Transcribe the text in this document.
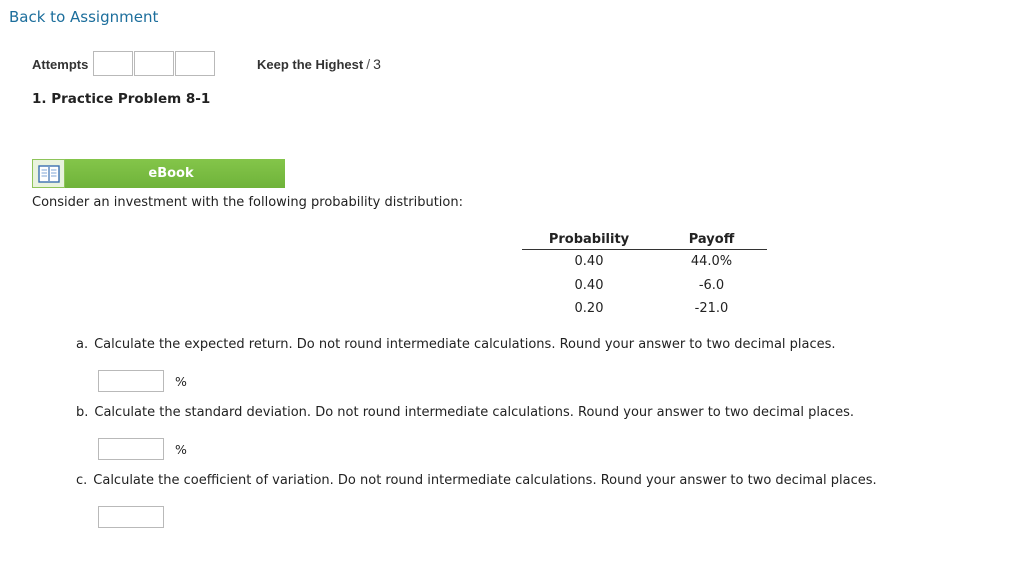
Back to Assignment
Attempts	Keep the Highest / 3
1. Practice Problem 8-1
eBook
Consider an investment with the following probability distribution:
Probability	Payoff
0.40	44.0%
0.40	-6.0
0.20	-21.0
a. Calculate the expected return. Do not round intermediate calculations. Round your answer to two decimal places.
%
b. Calculate the standard deviation. Do not round intermediate calculations. Round your answer to two decimal places.
%
c. Calculate the coefficient of variation. Do not round intermediate calculations. Round your answer to two decimal places.
